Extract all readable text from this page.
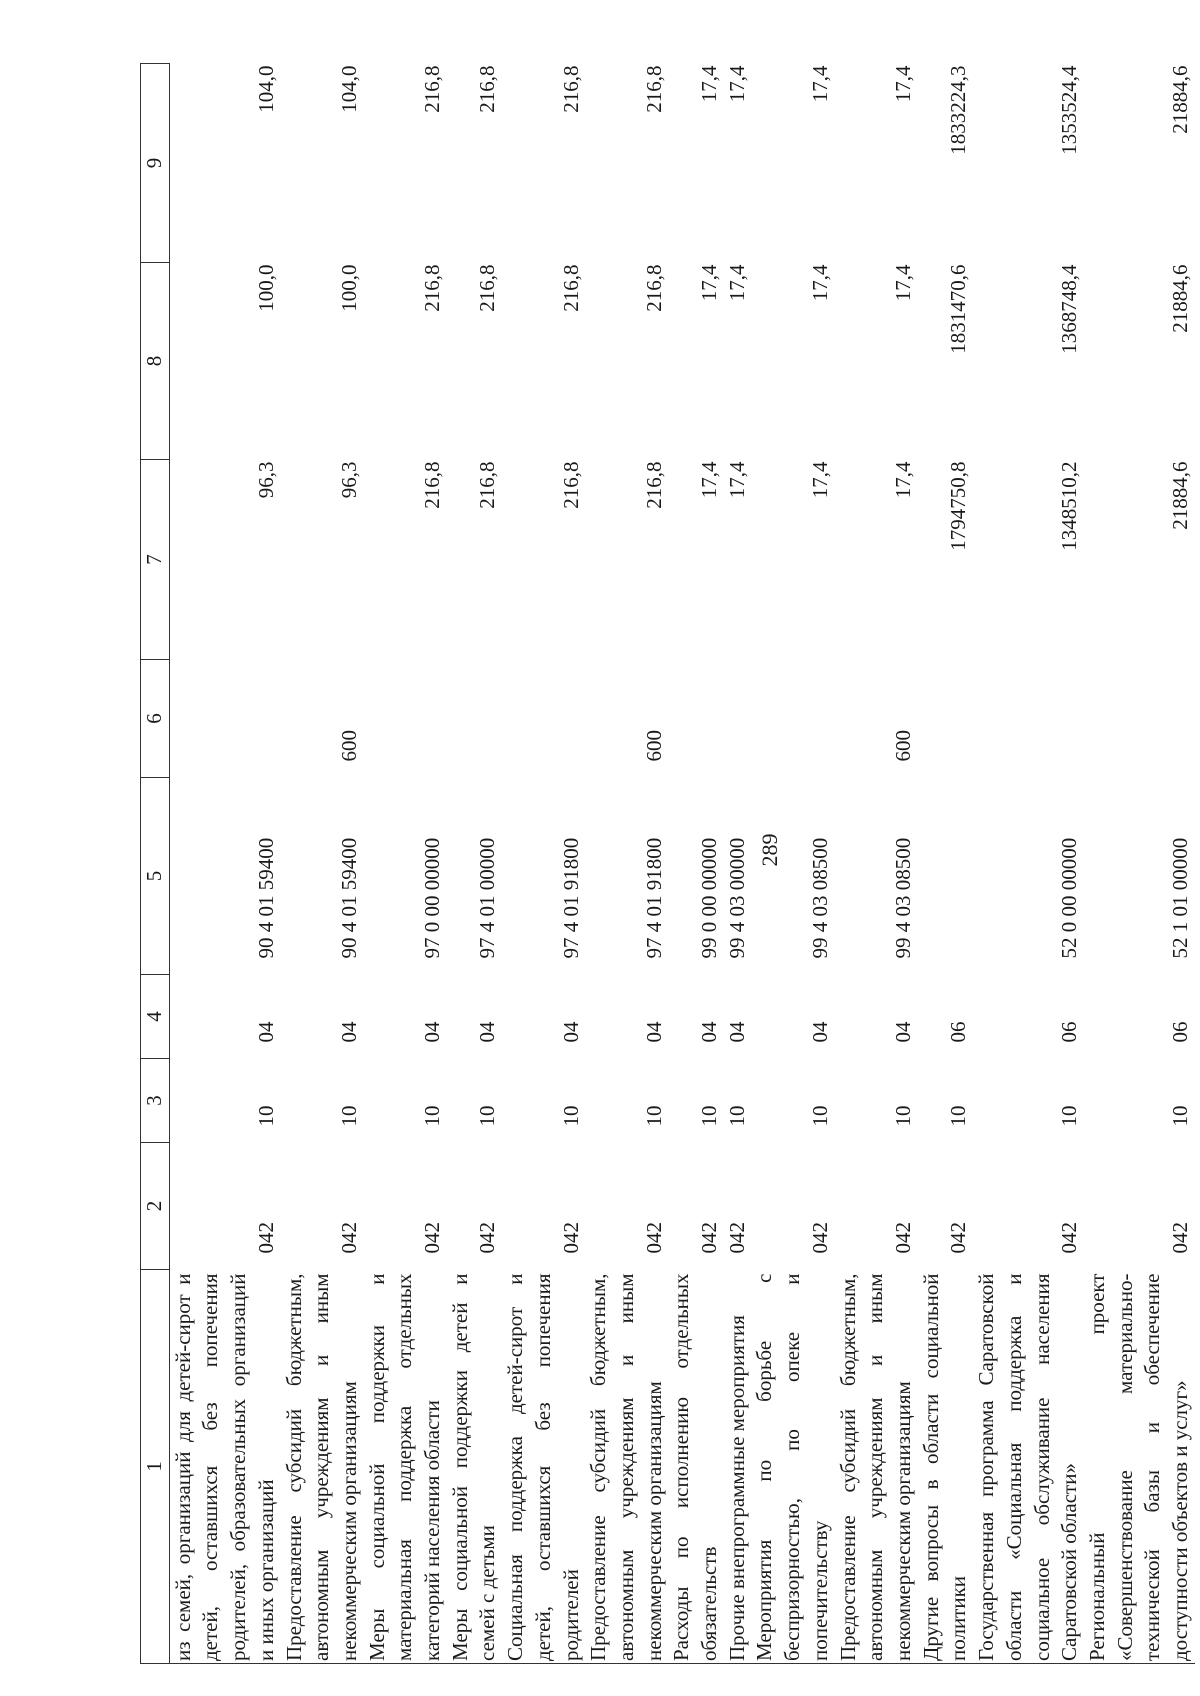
289
1	2	3	4	5	6	7	8	9
из семей, организаций для детей-сирот и детей, оставшихся без попечения родителей, образовательных организаций и иных организаций	042	10	04	90 4 01 59400		96,3	100,0	104,0
Предоставление субсидий бюджетным, автономным учреждениям и иным некоммерческим организациям	042	10	04	90 4 01 59400	600	96,3	100,0	104,0
Меры социальной поддержки и материальная поддержка отдельных категорий населения области	042	10	04	97 0 00 00000		216,8	216,8	216,8
Меры социальной поддержки детей и семей с детьми	042	10	04	97 4 01 00000		216,8	216,8	216,8
Социальная поддержка детей-сирот и детей, оставшихся без попечения родителей	042	10	04	97 4 01 91800		216,8	216,8	216,8
Предоставление субсидий бюджетным, автономным учреждениям и иным некоммерческим организациям	042	10	04	97 4 01 91800	600	216,8	216,8	216,8
Расходы по исполнению отдельных обязательств	042	10	04	99 0 00 00000		17,4	17,4	17,4
Прочие внепрограммные мероприятия	042	10	04	99 4 03 00000		17,4	17,4	17,4
Мероприятия по борьбе с беспризорностью, по опеке и попечительству	042	10	04	99 4 03 08500		17,4	17,4	17,4
Предоставление субсидий бюджетным, автономным учреждениям и иным некоммерческим организациям	042	10	04	99 4 03 08500	600	17,4	17,4	17,4
Другие вопросы в области социальной политики	042	10	06			1794750,8	1831470,6	1833224,3
Государственная программа Саратовской области «Социальная поддержка и социальное обслуживание населения Саратовской области»	042	10	06	52 0 00 00000		1348510,2	1368748,4	1353524,4
Региональный проект «Совершенствование материально-технической базы и обеспечение доступности объектов и услуг»	042	10	06	52 1 01 00000		21884,6	21884,6	21884,6
